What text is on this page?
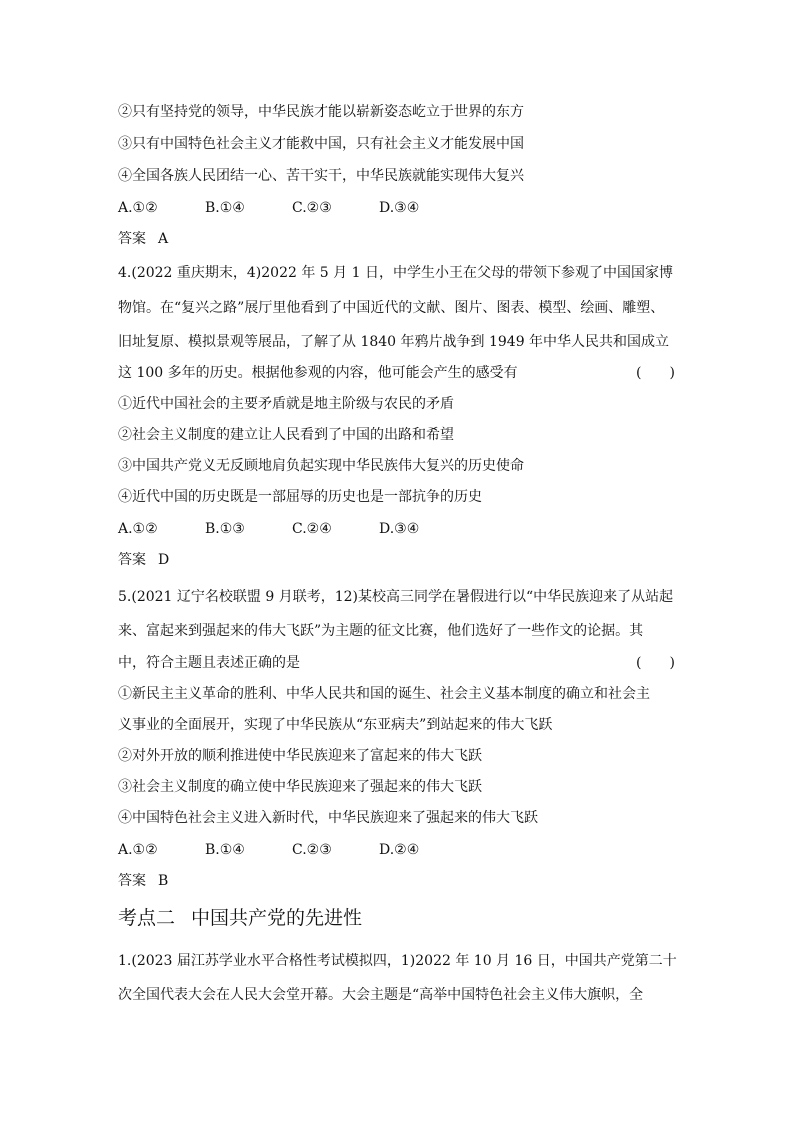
②只有坚持党的领导，中华民族才能以崭新姿态屹立于世界的东方
③只有中国特色社会主义才能救中国，只有社会主义才能发展中国
④全国各族人民团结一心、苦干实干，中华民族就能实现伟大复兴
A.①②	B.①④	C.②③	D.③④
答案 A
4.(2022 重庆期末，4)2022 年 5 月 1 日，中学生小王在父母的带领下参观了中国国家博
物馆。在“复兴之路”展厅里他看到了中国近代的文献、图片、图表、模型、绘画、雕塑、
旧址复原、模拟景观等展品，了解了从 1840 年鸦片战争到 1949 年中华人民共和国成立
这 100 多年的历史。根据他参观的内容，他可能会产生的感受有	(　　)
①近代中国社会的主要矛盾就是地主阶级与农民的矛盾
②社会主义制度的建立让人民看到了中国的出路和希望
③中国共产党义无反顾地肩负起实现中华民族伟大复兴的历史使命
④近代中国的历史既是一部屈辱的历史也是一部抗争的历史
A.①②	B.①③	C.②④	D.③④
答案 D
5.(2021 辽宁名校联盟 9 月联考，12)某校高三同学在暑假进行以“中华民族迎来了从站起
来、富起来到强起来的伟大飞跃”为主题的征文比赛，他们选好了一些作文的论据。其
中，符合主题且表述正确的是	(　　)
①新民主主义革命的胜利、中华人民共和国的诞生、社会主义基本制度的确立和社会主
义事业的全面展开，实现了中华民族从“东亚病夫”到站起来的伟大飞跃
②对外开放的顺利推进使中华民族迎来了富起来的伟大飞跃
③社会主义制度的确立使中华民族迎来了强起来的伟大飞跃
④中国特色社会主义进入新时代，中华民族迎来了强起来的伟大飞跃
A.①②	B.①④	C.②③	D.②④
答案 B
考点二 中国共产党的先进性
1.(2023 届江苏学业水平合格性考试模拟四，1)2022 年 10 月 16 日，中国共产党第二十
次全国代表大会在人民大会堂开幕。大会主题是“高举中国特色社会主义伟大旗帜，全
